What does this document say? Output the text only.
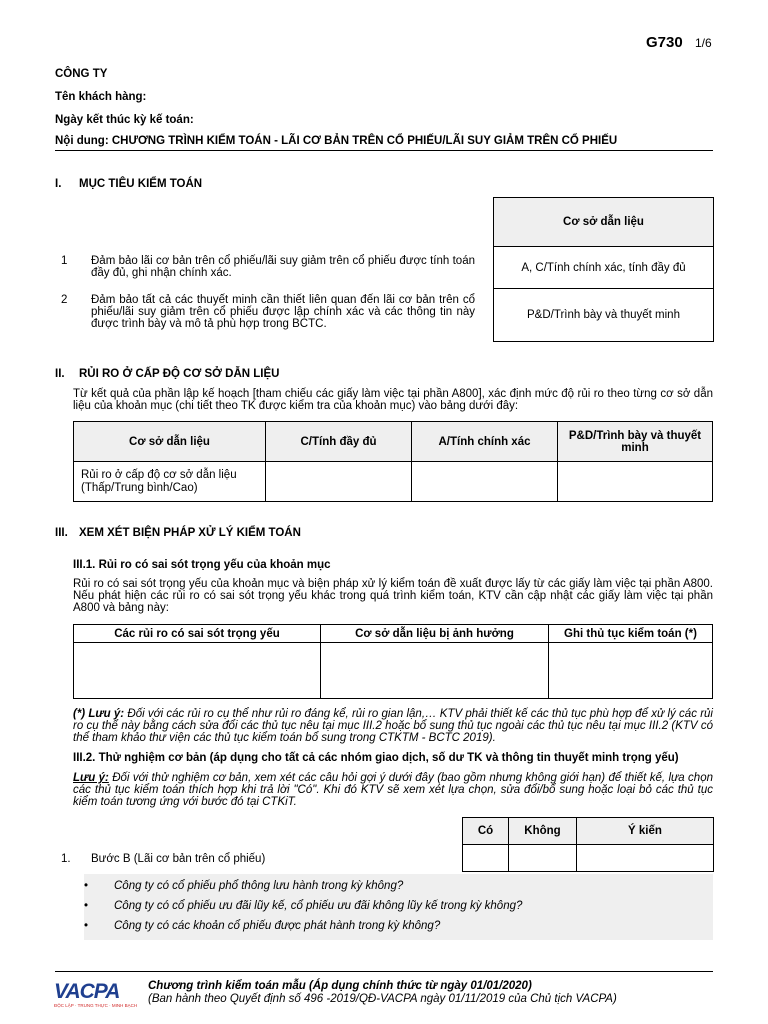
G730 1/6
CÔNG TY
Tên khách hàng:
Ngày kết thúc kỳ kế toán:
Nội dung: CHƯƠNG TRÌNH KIỂM TOÁN - LÃI CƠ BẢN TRÊN CỔ PHIẾU/LÃI SUY GIẢM TRÊN CỔ PHIẾU
I. MỤC TIÊU KIỂM TOÁN
Cơ sở dẫn liệu
A, C/Tính chính xác, tính đầy đủ
P&D/Trình bày và thuyết minh
1 Đảm bảo lãi cơ bản trên cổ phiếu/lãi suy giảm trên cổ phiếu được tính toán đầy đủ, ghi nhận chính xác.
2 Đảm bảo tất cả các thuyết minh cần thiết liên quan đến lãi cơ bản trên cổ phiếu/lãi suy giảm trên cổ phiếu được lập chính xác và các thông tin này được trình bày và mô tả phù hợp trong BCTC.
II. RỦI RO Ở CẤP ĐỘ CƠ SỞ DẪN LIỆU
Từ kết quả của phần lập kế hoạch [tham chiếu các giấy làm việc tại phần A800], xác định mức độ rủi ro theo từng cơ sở dẫn liệu của khoản mục (chi tiết theo TK được kiểm tra của khoản mục) vào bảng dưới đây:
Cơ sở dẫn liệu	C/Tính đầy đủ	A/Tính chính xác	P&D/Trình bày và thuyết minh
Rủi ro ở cấp độ cơ sở dẫn liệu (Thấp/Trung bình/Cao)			
III. XEM XÉT BIỆN PHÁP XỬ LÝ KIỂM TOÁN
III.1. Rủi ro có sai sót trọng yếu của khoản mục
Rủi ro có sai sót trọng yếu của khoản mục và biện pháp xử lý kiểm toán đề xuất được lấy từ các giấy làm việc tại phần A800. Nếu phát hiện các rủi ro có sai sót trọng yếu khác trong quá trình kiểm toán, KTV cần cập nhật các giấy làm việc tại phần A800 và bảng này:
Các rủi ro có sai sót trọng yếu	Cơ sở dẫn liệu bị ảnh hưởng	Ghi thủ tục kiểm toán (*)

(*) Lưu ý: Đối với các rủi ro cụ thể như rủi ro đáng kể, rủi ro gian lận,… KTV phải thiết kế các thủ tục phù hợp để xử lý các rủi ro cụ thể này bằng cách sửa đổi các thủ tục nêu tại mục III.2 hoặc bổ sung thủ tục ngoài các thủ tục nêu tại mục III.2 (KTV có thể tham khảo thư viện các thủ tục kiểm toán bổ sung trong CTKTM - BCTC 2019).
III.2. Thử nghiệm cơ bản (áp dụng cho tất cả các nhóm giao dịch, số dư TK và thông tin thuyết minh trọng yếu)
Lưu ý: Đối với thử nghiệm cơ bản, xem xét các câu hỏi gợi ý dưới đây (bao gồm nhưng không giới hạn) để thiết kế, lựa chọn các thủ tục kiểm toán thích hợp khi trả lời "Có". Khi đó KTV sẽ xem xét lựa chọn, sửa đổi/bổ sung hoặc loại bỏ các thủ tục kiểm toán tương ứng với bước đó tại CTKiT.
Có	Không	Ý kiến

1. Bước B (Lãi cơ bản trên cổ phiếu)
• Công ty có cổ phiếu phổ thông lưu hành trong kỳ không?
• Công ty có cổ phiếu ưu đãi lũy kế, cổ phiếu ưu đãi không lũy kế trong kỳ không?
• Công ty có các khoản cổ phiếu được phát hành trong kỳ không?
VACPA
ĐỘC LẬP · TRUNG THỰC · MINH BẠCH
Chương trình kiểm toán mẫu (Áp dụng chính thức từ ngày 01/01/2020)
(Ban hành theo Quyết định số 496 -2019/QĐ-VACPA ngày 01/11/2019 của Chủ tịch VACPA)
